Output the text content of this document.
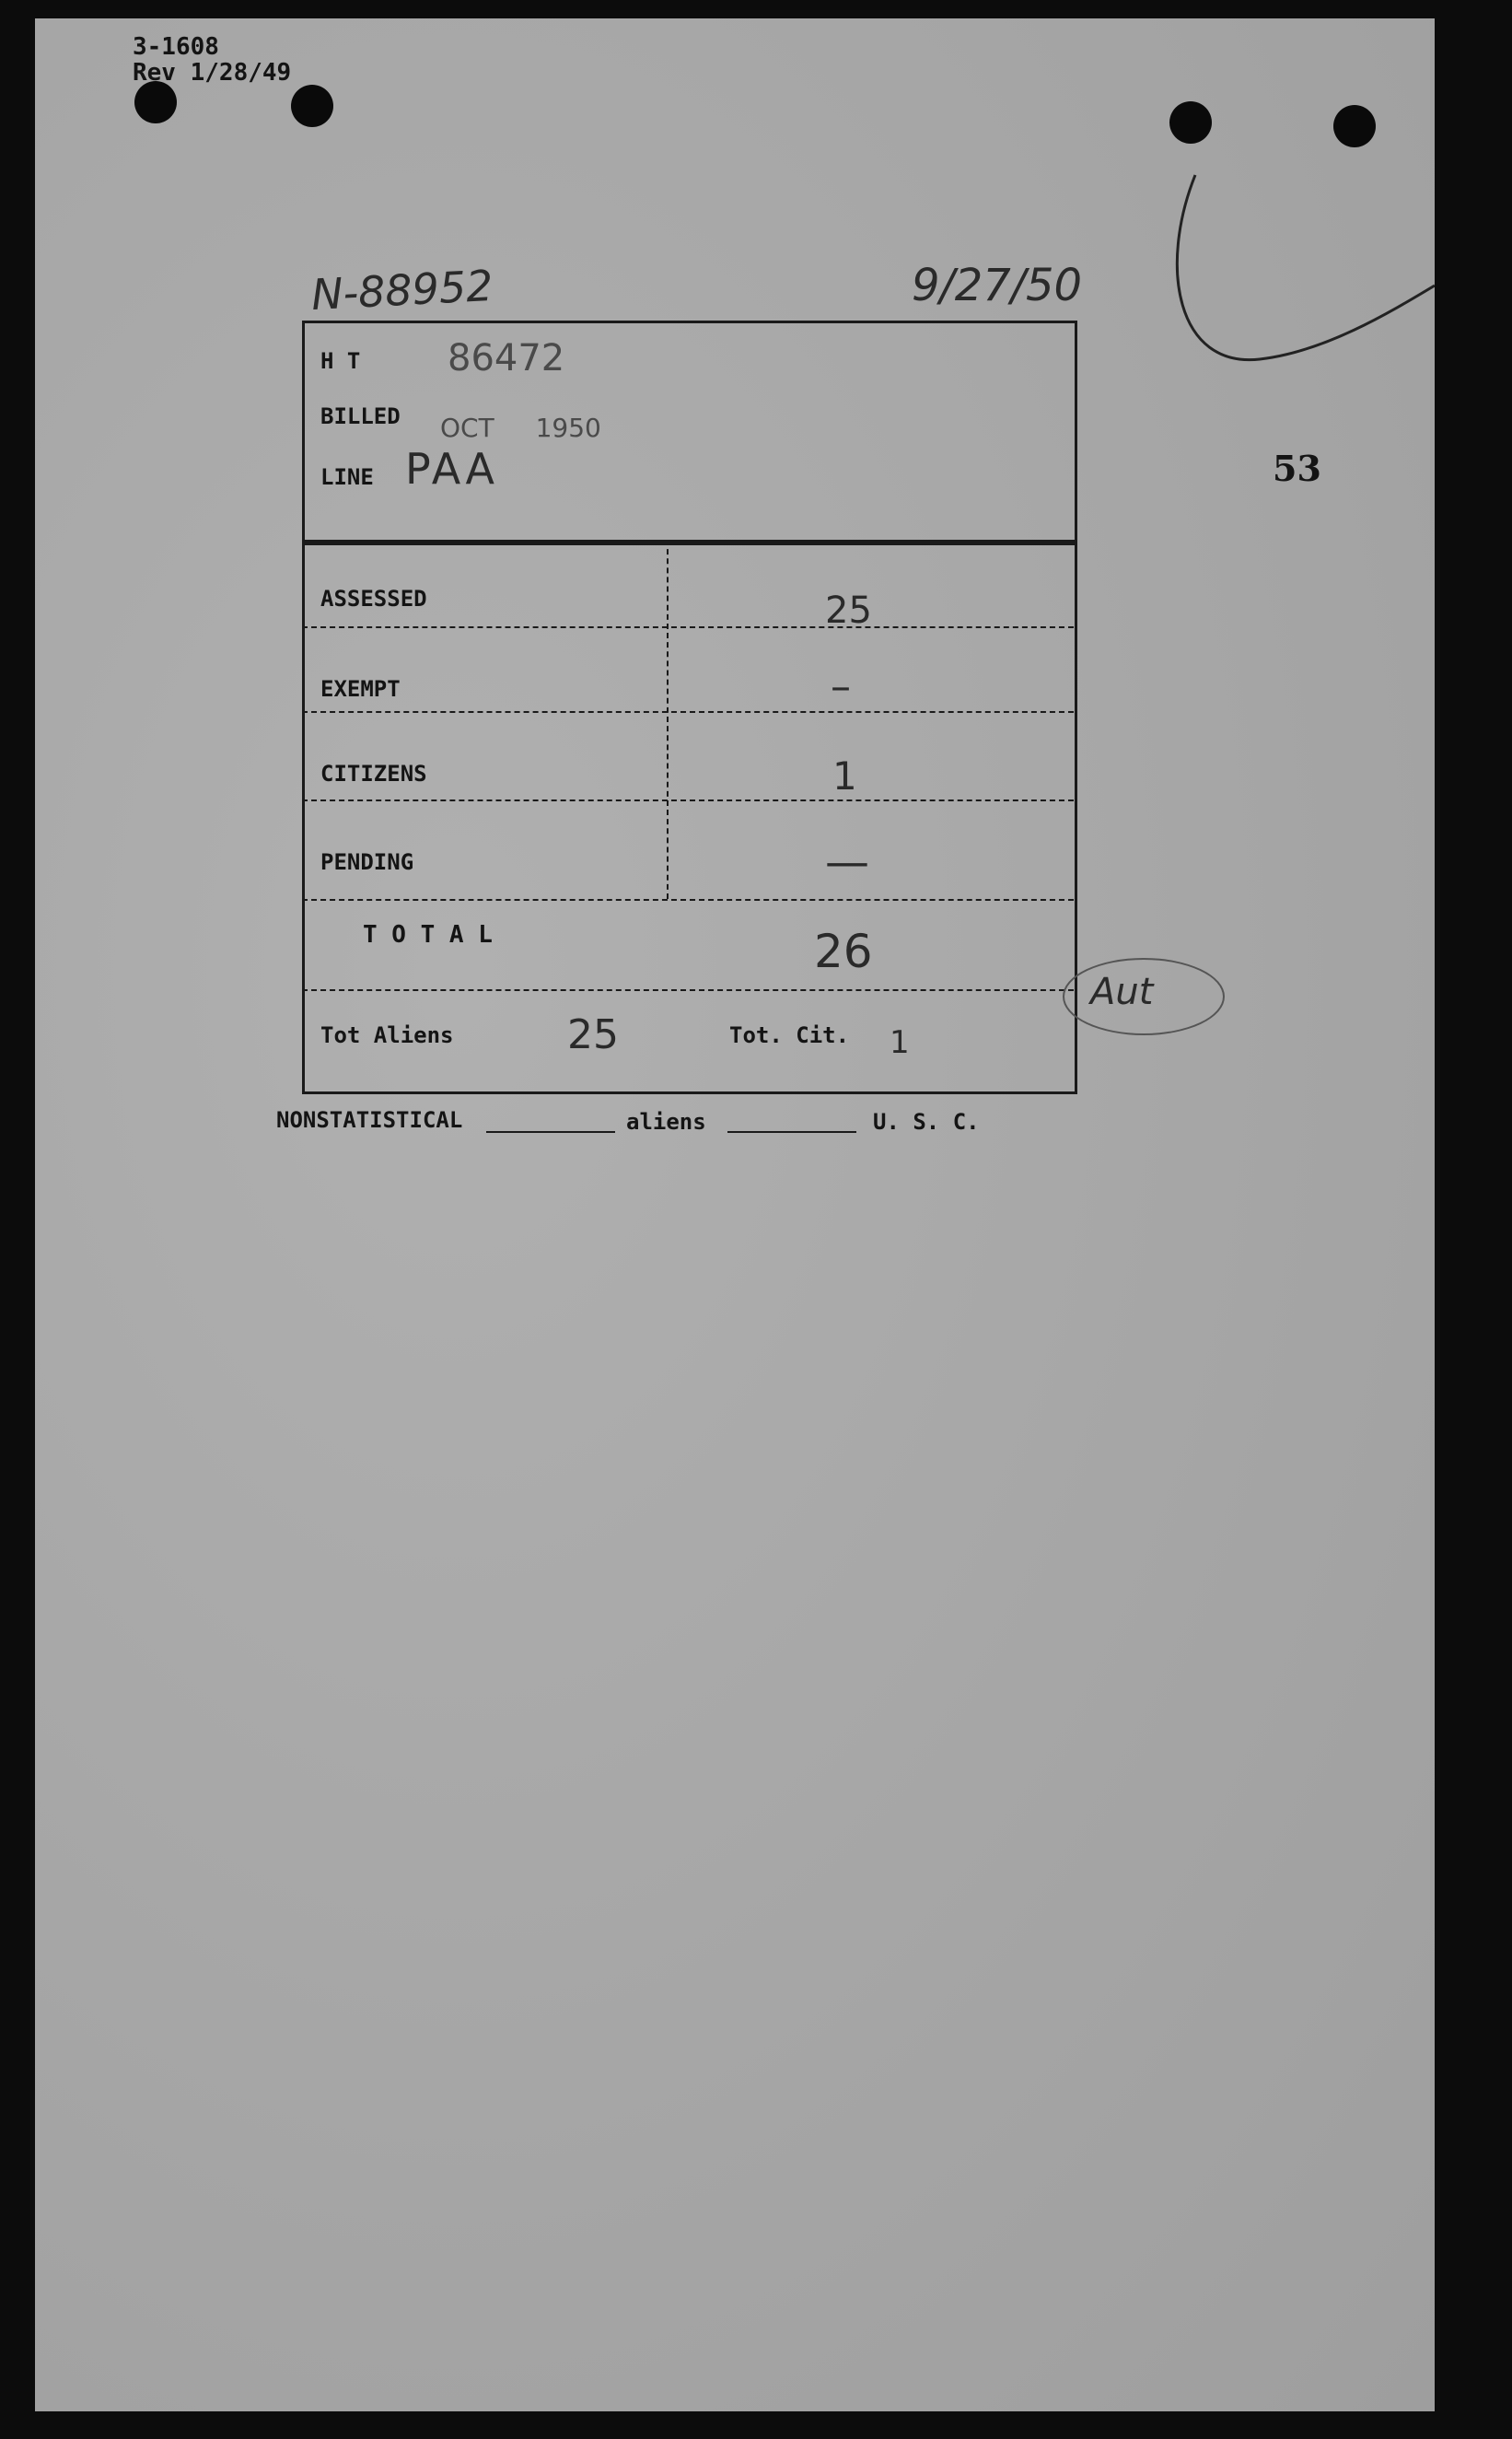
3-1608
Rev 1/28/49
N-88952	9/27/50
53
H T 86472
BILLED OCT 1950
LINE PAA
ASSESSED	25
EXEMPT	–
CITIZENS	1
PENDING	—
T O T A L	26
Tot Aliens	25	Tot. Cit. 1
Aut
NONSTATISTICAL	aliens	U. S. C.
